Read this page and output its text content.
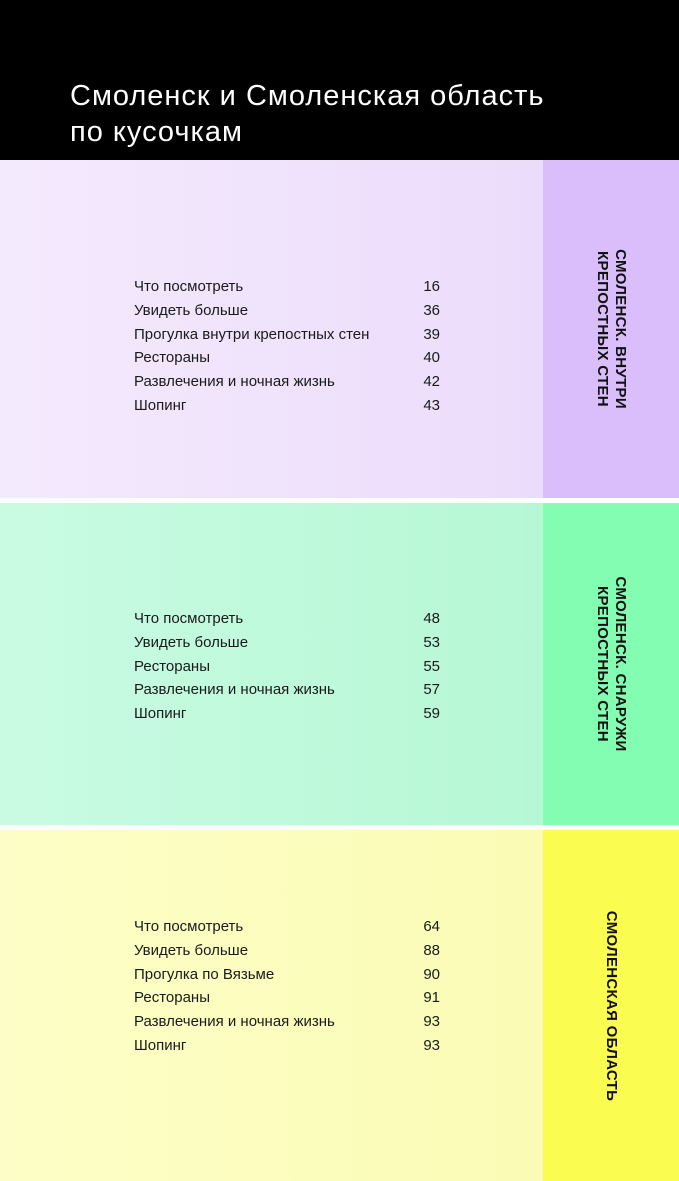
Смоленск и Смоленская область
по кусочкам
Что посмотреть	16
Увидеть больше	36
Прогулка внутри крепостных стен	39
Рестораны	40
Развлечения и ночная жизнь	42
Шопинг	43	СМОЛЕНСК. ВНУТРИ
КРЕПОСТНЫХ СТЕН
Что посмотреть	48
Увидеть больше	53
Рестораны	55
Развлечения и ночная жизнь	57
Шопинг	59	СМОЛЕНСК. СНАРУЖИ
КРЕПОСТНЫХ СТЕН
Что посмотреть	64
Увидеть больше	88
Прогулка по Вязьме	90
Рестораны	91
Развлечения и ночная жизнь	93
Шопинг	93	СМОЛЕНСКАЯ ОБЛАСТЬ
